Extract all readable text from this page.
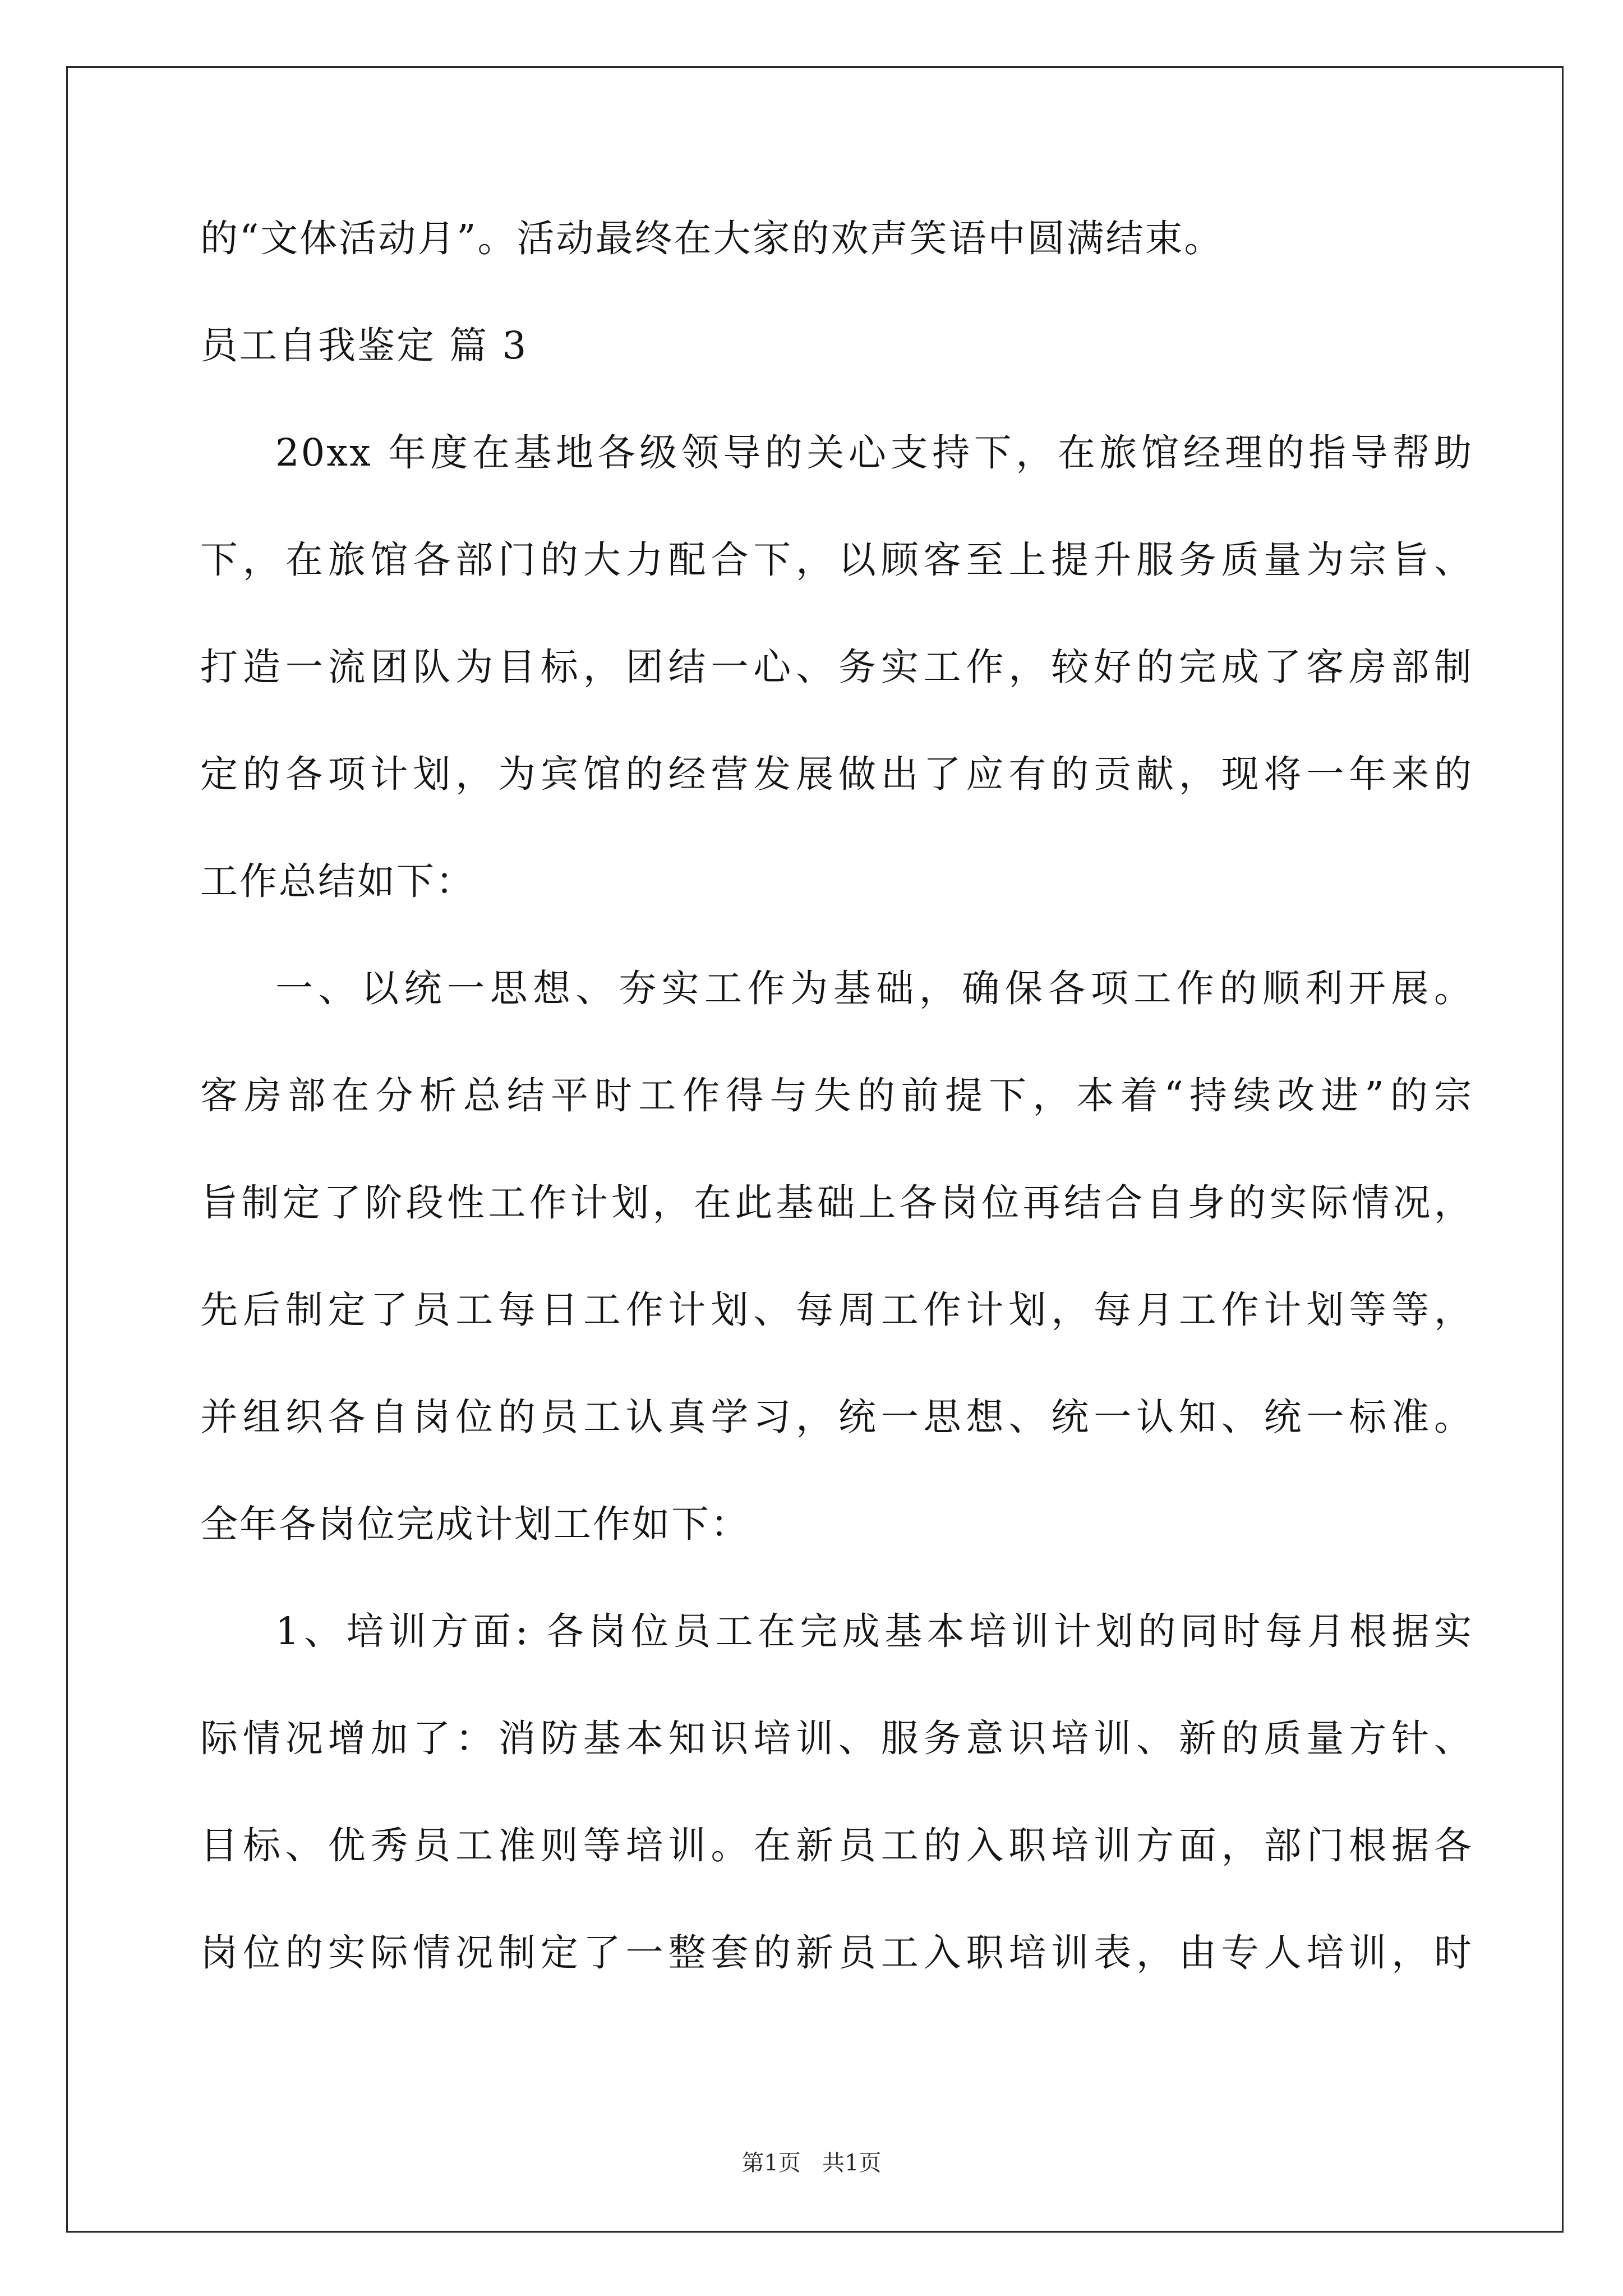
的“文体活动月”。活动最终在大家的欢声笑语中圆满结束。

员工自我鉴定 篇 3

20xx 年度在基地各级领导的关心支持下，在旅馆经理的指导帮助

下，在旅馆各部门的大力配合下，以顾客至上提升服务质量为宗旨、

打造一流团队为目标，团结一心、务实工作，较好的完成了客房部制

定的各项计划，为宾馆的经营发展做出了应有的贡献，现将一年来的

工作总结如下：

一、以统一思想、夯实工作为基础，确保各项工作的顺利开展。

客房部在分析总结平时工作得与失的前提下，本着“持续改进”的宗

旨制定了阶段性工作计划，在此基础上各岗位再结合自身的实际情况，

先后制定了员工每日工作计划、每周工作计划，每月工作计划等等，

并组织各自岗位的员工认真学习，统一思想、统一认知、统一标准。

全年各岗位完成计划工作如下：

1、培训方面: 各岗位员工在完成基本培训计划的同时每月根据实

际情况增加了：消防基本知识培训、服务意识培训、新的质量方针、

目标、优秀员工准则等培训。在新员工的入职培训方面，部门根据各

岗位的实际情况制定了一整套的新员工入职培训表，由专人培训，时

第1页   共1页
